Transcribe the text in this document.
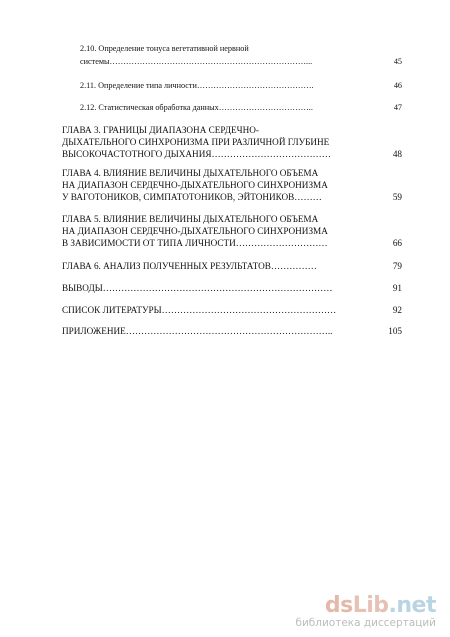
2.10. Определение тонуса вегетативной нервной
системы………………………………………………………………...	45
2.11. Определение типа личности…………………………………….	46
2.12. Статистическая обработка данных……………………………..	47
ГЛАВА 3. ГРАНИЦЫ ДИАПАЗОНА СЕРДЕЧНО-
ДЫХАТЕЛЬНОГО СИНХРОНИЗМА ПРИ РАЗЛИЧНОЙ ГЛУБИНЕ
ВЫСОКОЧАСТОТНОГО ДЫХАНИЯ…………………………………	48
ГЛАВА 4. ВЛИЯНИЕ ВЕЛИЧИНЫ ДЫХАТЕЛЬНОГО ОБЪЕМА
НА ДИАПАЗОН СЕРДЕЧНО-ДЫХАТЕЛЬНОГО СИНХРОНИЗМА
У ВАГОТОНИКОВ, СИМПАТОТОНИКОВ, ЭЙТОНИКОВ………	59
ГЛАВА 5. ВЛИЯНИЕ ВЕЛИЧИНЫ ДЫХАТЕЛЬНОГО ОБЪЕМА
НА ДИАПАЗОН СЕРДЕЧНО-ДЫХАТЕЛЬНОГО СИНХРОНИЗМА
В ЗАВИСИМОСТИ ОТ ТИПА ЛИЧНОСТИ…………………………	66
ГЛАВА 6. АНАЛИЗ ПОЛУЧЕННЫХ РЕЗУЛЬТАТОВ……………	79
ВЫВОДЫ…………………………………………………………………	91
СПИСОК ЛИТЕРАТУРЫ…………………………………………………	92
ПРИЛОЖЕНИЕ…………………………………………………………..	105
dsLib.net
библиотека диссертаций
